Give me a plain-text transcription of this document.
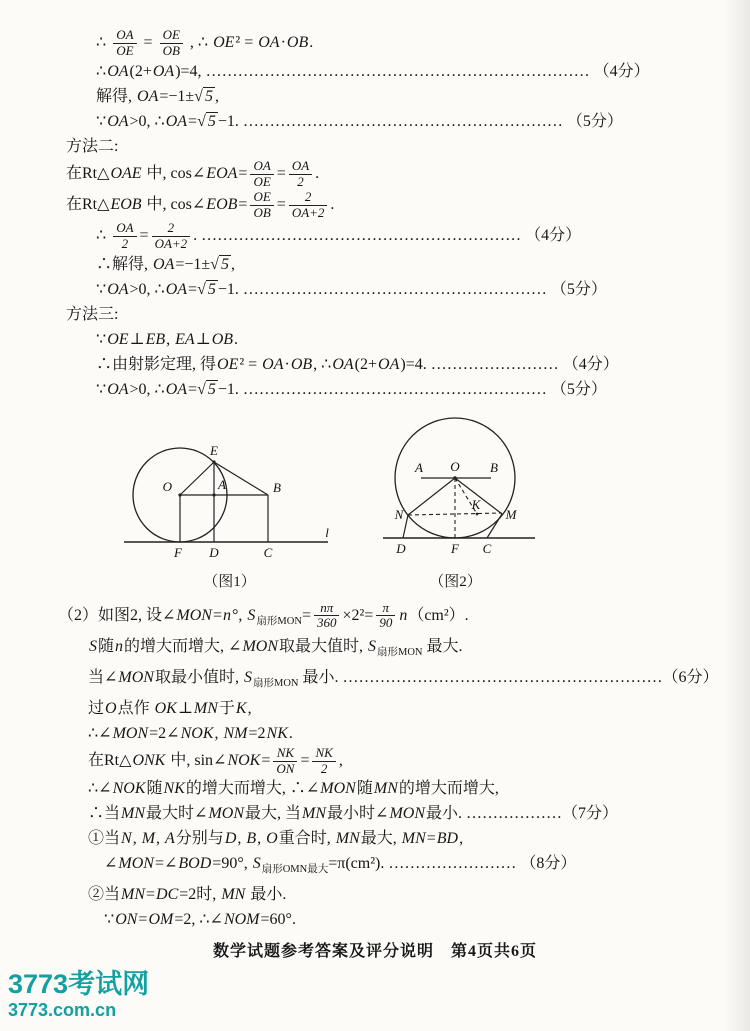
∴ $\frac{OA}{OE} = \frac{OE}{OB}$ , ∴ OE² = OA·OB.
∴OA(2+OA)=4, ……………………………………………………………… （4分）
解得, OA=−1±√ 5 ,
∵OA>0, ∴OA=√ 5 −1. …………………………………………………… （5分）
方法二:
在Rt△OAE 中, cos∠EOA= $\frac{OA}{OE} = \frac{OA}{2}$ .
在Rt△EOB 中, cos∠EOB= $\frac{OE}{OB} = \frac{2}{OA+2}$ .
∴ $\frac{OA}{2} = \frac{2}{OA+2}$ . …………………………………………………… （4分）
∴解得, OA=−1±√ 5 ,
∵OA>0, ∴OA=√ 5 −1. ………………………………………………… （5分）
方法三:
∵OE⊥EB, EA⊥OB.
∴由射影定理, 得OE² = OA·OB, ∴OA(2+OA)=4. …………………… （4分）
∵OA>0, ∴OA=√ 5 −1. ………………………………………………… （5分）
E
O	A	B
F D	C
l
（图1）
A O B
N
K
M
D	F C
（图2）
（2）如图2, 设∠MON=n°, $S_{扇形MON}= \frac{n\pi}{360} \times 2^2= \frac{\pi}{90} n(cm^2)$.
S随n的增大而增大, ∠MON取最大值时, $S_{扇形MON}$ 最大.
当∠MON取最小值时, $S_{扇形MON}$ 最小. ……………………………………………………（6分）
过O点作 OK⊥MN于K,
∴∠MON=2∠NOK, NM=2NK.
在Rt△ONK 中, sin∠NOK= $\frac{NK}{ON} = \frac{NK}{2}$ ,
∴∠NOK随NK的增大而增大, ∴∠MON随MN的增大而增大,
∴当MN最大时∠MON最大, 当MN最小时∠MON最小. ………………（7分）
①当N, M, A分别与D, B, O重合时, MN最大, MN=BD,
∠MON=∠BOD=90°, $S_{扇形OMN最大}=\pi(cm^2)$. …………………… （8分）
②当MN=DC=2时, MN 最小.
∵ON=OM=2, ∴∠NOM=60°.
数学试题参考答案及评分说明　第4页共6页
3773考试网
3773.com.cn
